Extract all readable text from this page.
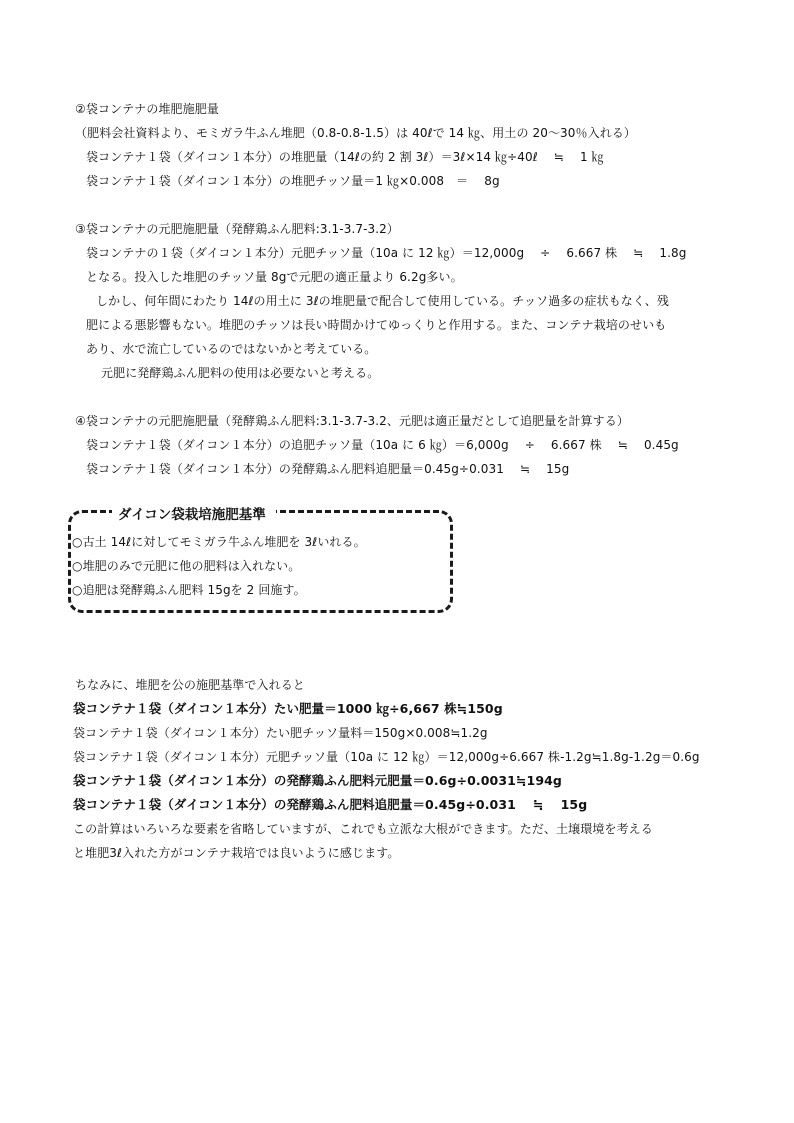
②袋コンテナの堆肥施肥量
（肥料会社資料より、モミガラ牛ふん堆肥（0.8-0.8-1.5）は 40ℓで 14 ㎏、用土の 20～30％入れる）
袋コンテナ１袋（ダイコン１本分）の堆肥量（14ℓの約 2 割 3ℓ）＝3ℓ×14 ㎏÷40ℓ　 ≒　 1 ㎏
袋コンテナ１袋（ダイコン１本分）の堆肥チッソ量＝1 ㎏×0.008　＝　 8g
③袋コンテナの元肥施肥量（発酵鶏ふん肥料:3.1-3.7-3.2）
袋コンテナの１袋（ダイコン１本分）元肥チッソ量（10a に 12 ㎏）＝12,000g　 ÷　 6.667 株　 ≒　 1.8g
となる。投入した堆肥のチッソ量 8gで元肥の適正量より 6.2g多い。
しかし、何年間にわたり 14ℓの用土に 3ℓの堆肥量で配合して使用している。チッソ過多の症状もなく、残
肥による悪影響もない。堆肥のチッソは長い時間かけてゆっくりと作用する。また、コンテナ栽培のせいも
あり、水で流亡しているのではないかと考えている。
元肥に発酵鶏ふん肥料の使用は必要ないと考える。
④袋コンテナの元肥施肥量（発酵鶏ふん肥料:3.1-3.7-3.2、元肥は適正量だとして追肥量を計算する）
袋コンテナ１袋（ダイコン１本分）の追肥チッソ量（10a に 6 ㎏）＝6,000g　 ÷　 6.667 株　 ≒　 0.45g
袋コンテナ１袋（ダイコン１本分）の発酵鶏ふん肥料追肥量＝0.45g÷0.031　 ≒　 15g
ダイコン袋栽培施肥基準
○古土 14ℓに対してモミガラ牛ふん堆肥を 3ℓいれる。
○堆肥のみで元肥に他の肥料は入れない。
○追肥は発酵鶏ふん肥料 15gを 2 回施す。
ちなみに、堆肥を公の施肥基準で入れると
袋コンテナ１袋（ダイコン１本分）たい肥量＝1000 ㎏÷6,667 株≒150g
袋コンテナ１袋（ダイコン１本分）たい肥チッソ量料＝150g×0.008≒1.2g
袋コンテナ１袋（ダイコン１本分）元肥チッソ量（10a に 12 ㎏）＝12,000g÷6.667 株-1.2g≒1.8g-1.2g＝0.6g
袋コンテナ１袋（ダイコン１本分）の発酵鶏ふん肥料元肥量＝0.6g÷0.0031≒194g
袋コンテナ１袋（ダイコン１本分）の発酵鶏ふん肥料追肥量＝0.45g÷0.031　 ≒　 15g
この計算はいろいろな要素を省略していますが、これでも立派な大根ができます。ただ、土壌環境を考える
と堆肥3ℓ入れた方がコンテナ栽培では良いように感じます。
